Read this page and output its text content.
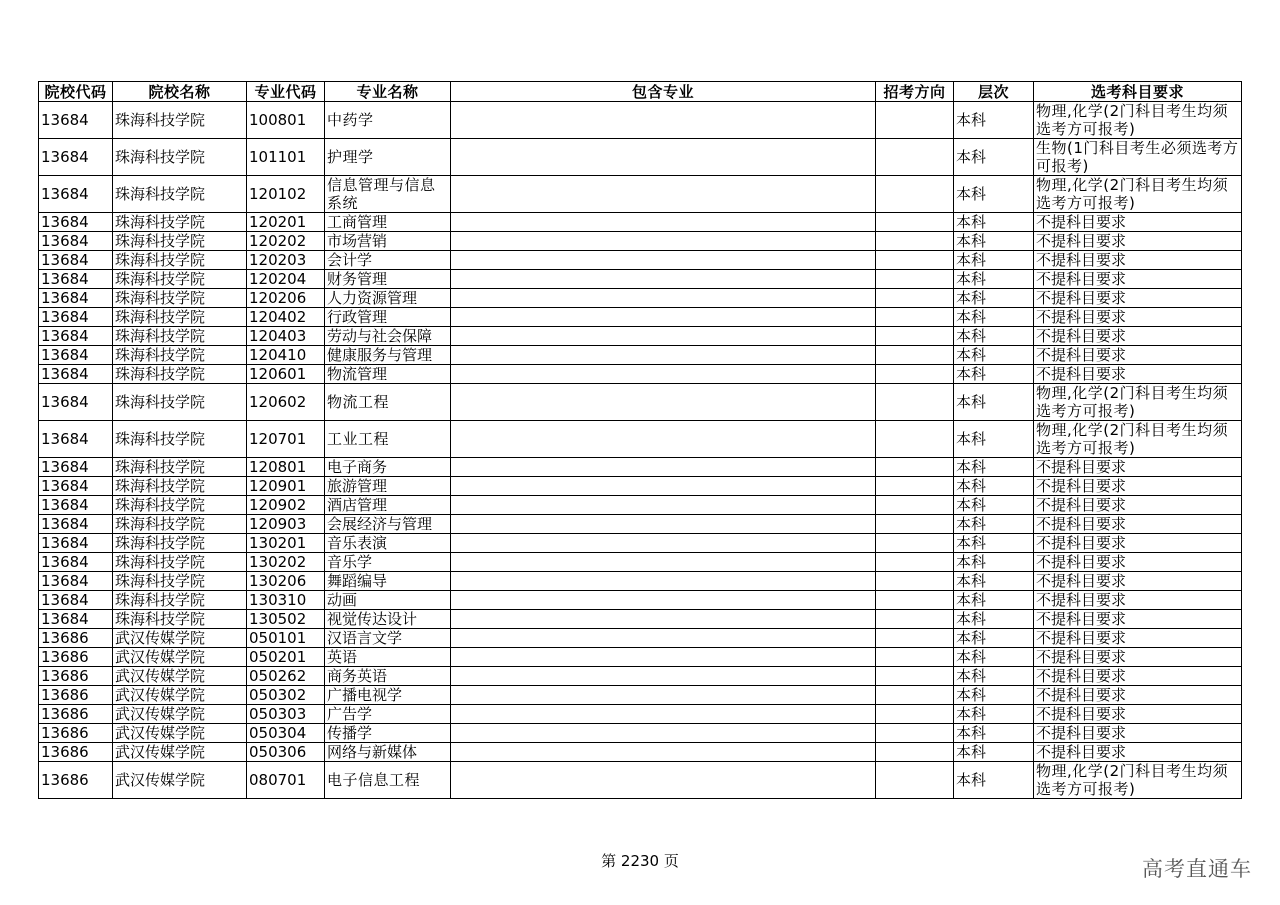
院校代码	院校名称	专业代码	专业名称	包含专业	招考方向	层次	选考科目要求
13684	珠海科技学院	100801	中药学			本科	物理,化学(2门科目考生均须选考方可报考)
13684	珠海科技学院	101101	护理学			本科	生物(1门科目考生必须选考方可报考)
13684	珠海科技学院	120102	信息管理与信息系统			本科	物理,化学(2门科目考生均须选考方可报考)
13684	珠海科技学院	120201	工商管理			本科	不提科目要求
13684	珠海科技学院	120202	市场营销			本科	不提科目要求
13684	珠海科技学院	120203	会计学			本科	不提科目要求
13684	珠海科技学院	120204	财务管理			本科	不提科目要求
13684	珠海科技学院	120206	人力资源管理			本科	不提科目要求
13684	珠海科技学院	120402	行政管理			本科	不提科目要求
13684	珠海科技学院	120403	劳动与社会保障			本科	不提科目要求
13684	珠海科技学院	120410	健康服务与管理			本科	不提科目要求
13684	珠海科技学院	120601	物流管理			本科	不提科目要求
13684	珠海科技学院	120602	物流工程			本科	物理,化学(2门科目考生均须选考方可报考)
13684	珠海科技学院	120701	工业工程			本科	物理,化学(2门科目考生均须选考方可报考)
13684	珠海科技学院	120801	电子商务			本科	不提科目要求
13684	珠海科技学院	120901	旅游管理			本科	不提科目要求
13684	珠海科技学院	120902	酒店管理			本科	不提科目要求
13684	珠海科技学院	120903	会展经济与管理			本科	不提科目要求
13684	珠海科技学院	130201	音乐表演			本科	不提科目要求
13684	珠海科技学院	130202	音乐学			本科	不提科目要求
13684	珠海科技学院	130206	舞蹈编导			本科	不提科目要求
13684	珠海科技学院	130310	动画			本科	不提科目要求
13684	珠海科技学院	130502	视觉传达设计			本科	不提科目要求
13686	武汉传媒学院	050101	汉语言文学			本科	不提科目要求
13686	武汉传媒学院	050201	英语			本科	不提科目要求
13686	武汉传媒学院	050262	商务英语			本科	不提科目要求
13686	武汉传媒学院	050302	广播电视学			本科	不提科目要求
13686	武汉传媒学院	050303	广告学			本科	不提科目要求
13686	武汉传媒学院	050304	传播学			本科	不提科目要求
13686	武汉传媒学院	050306	网络与新媒体			本科	不提科目要求
13686	武汉传媒学院	080701	电子信息工程			本科	物理,化学(2门科目考生均须选考方可报考)
第 2230 页	高考直通车
